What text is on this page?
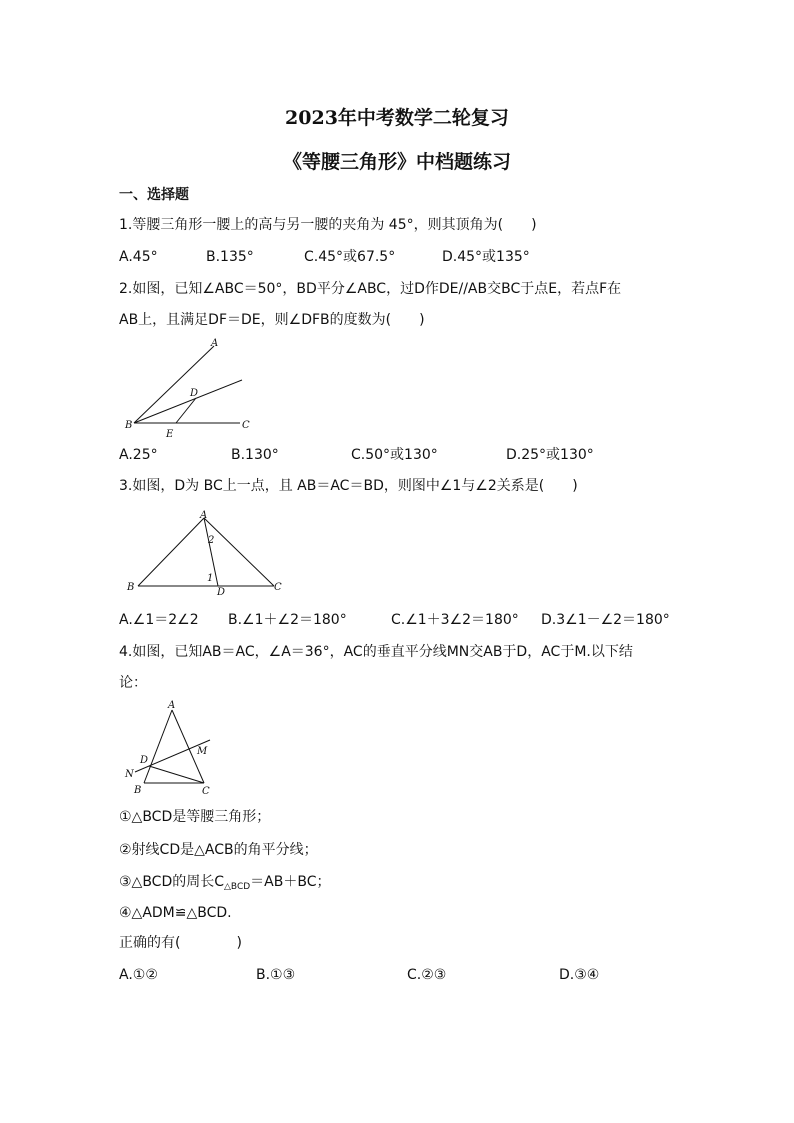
2023年中考数学二轮复习
《等腰三角形》中档题练习
一、选择题
1.等腰三角形一腰上的高与另一腰的夹角为 45°，则其顶角为(　　)
A.45°	B.135°	C.45°或67.5°	D.45°或135°
2.如图，已知∠ABC＝50°，BD平分∠ABC，过D作DE//AB交BC于点E，若点F在
AB上，且满足DF＝DE，则∠DFB的度数为(　　)
A
B	C
D
E
A.25°	B.130°	C.50°或130°	D.25°或130°
3.如图，D为 BC上一点，且 AB＝AC＝BD，则图中∠1与∠2关系是(　　)
A
B	C
D
1
2
A.∠1＝2∠2 B.∠1＋∠2＝180°	C.∠1＋3∠2＝180° D.3∠1－∠2＝180°
4.如图，已知AB＝AC，∠A＝36°，AC的垂直平分线MN交AB于D，AC于M.以下结
论：
A
B	C
D
M
N
①△BCD是等腰三角形；
②射线CD是△ACB的角平分线；
③△BCD的周长$C_{\triangle BCD}=AB+BC$；
④△ADM≌△BCD.
正确的有(　　　　)
A.①②	B.①③	C.②③	D.③④
